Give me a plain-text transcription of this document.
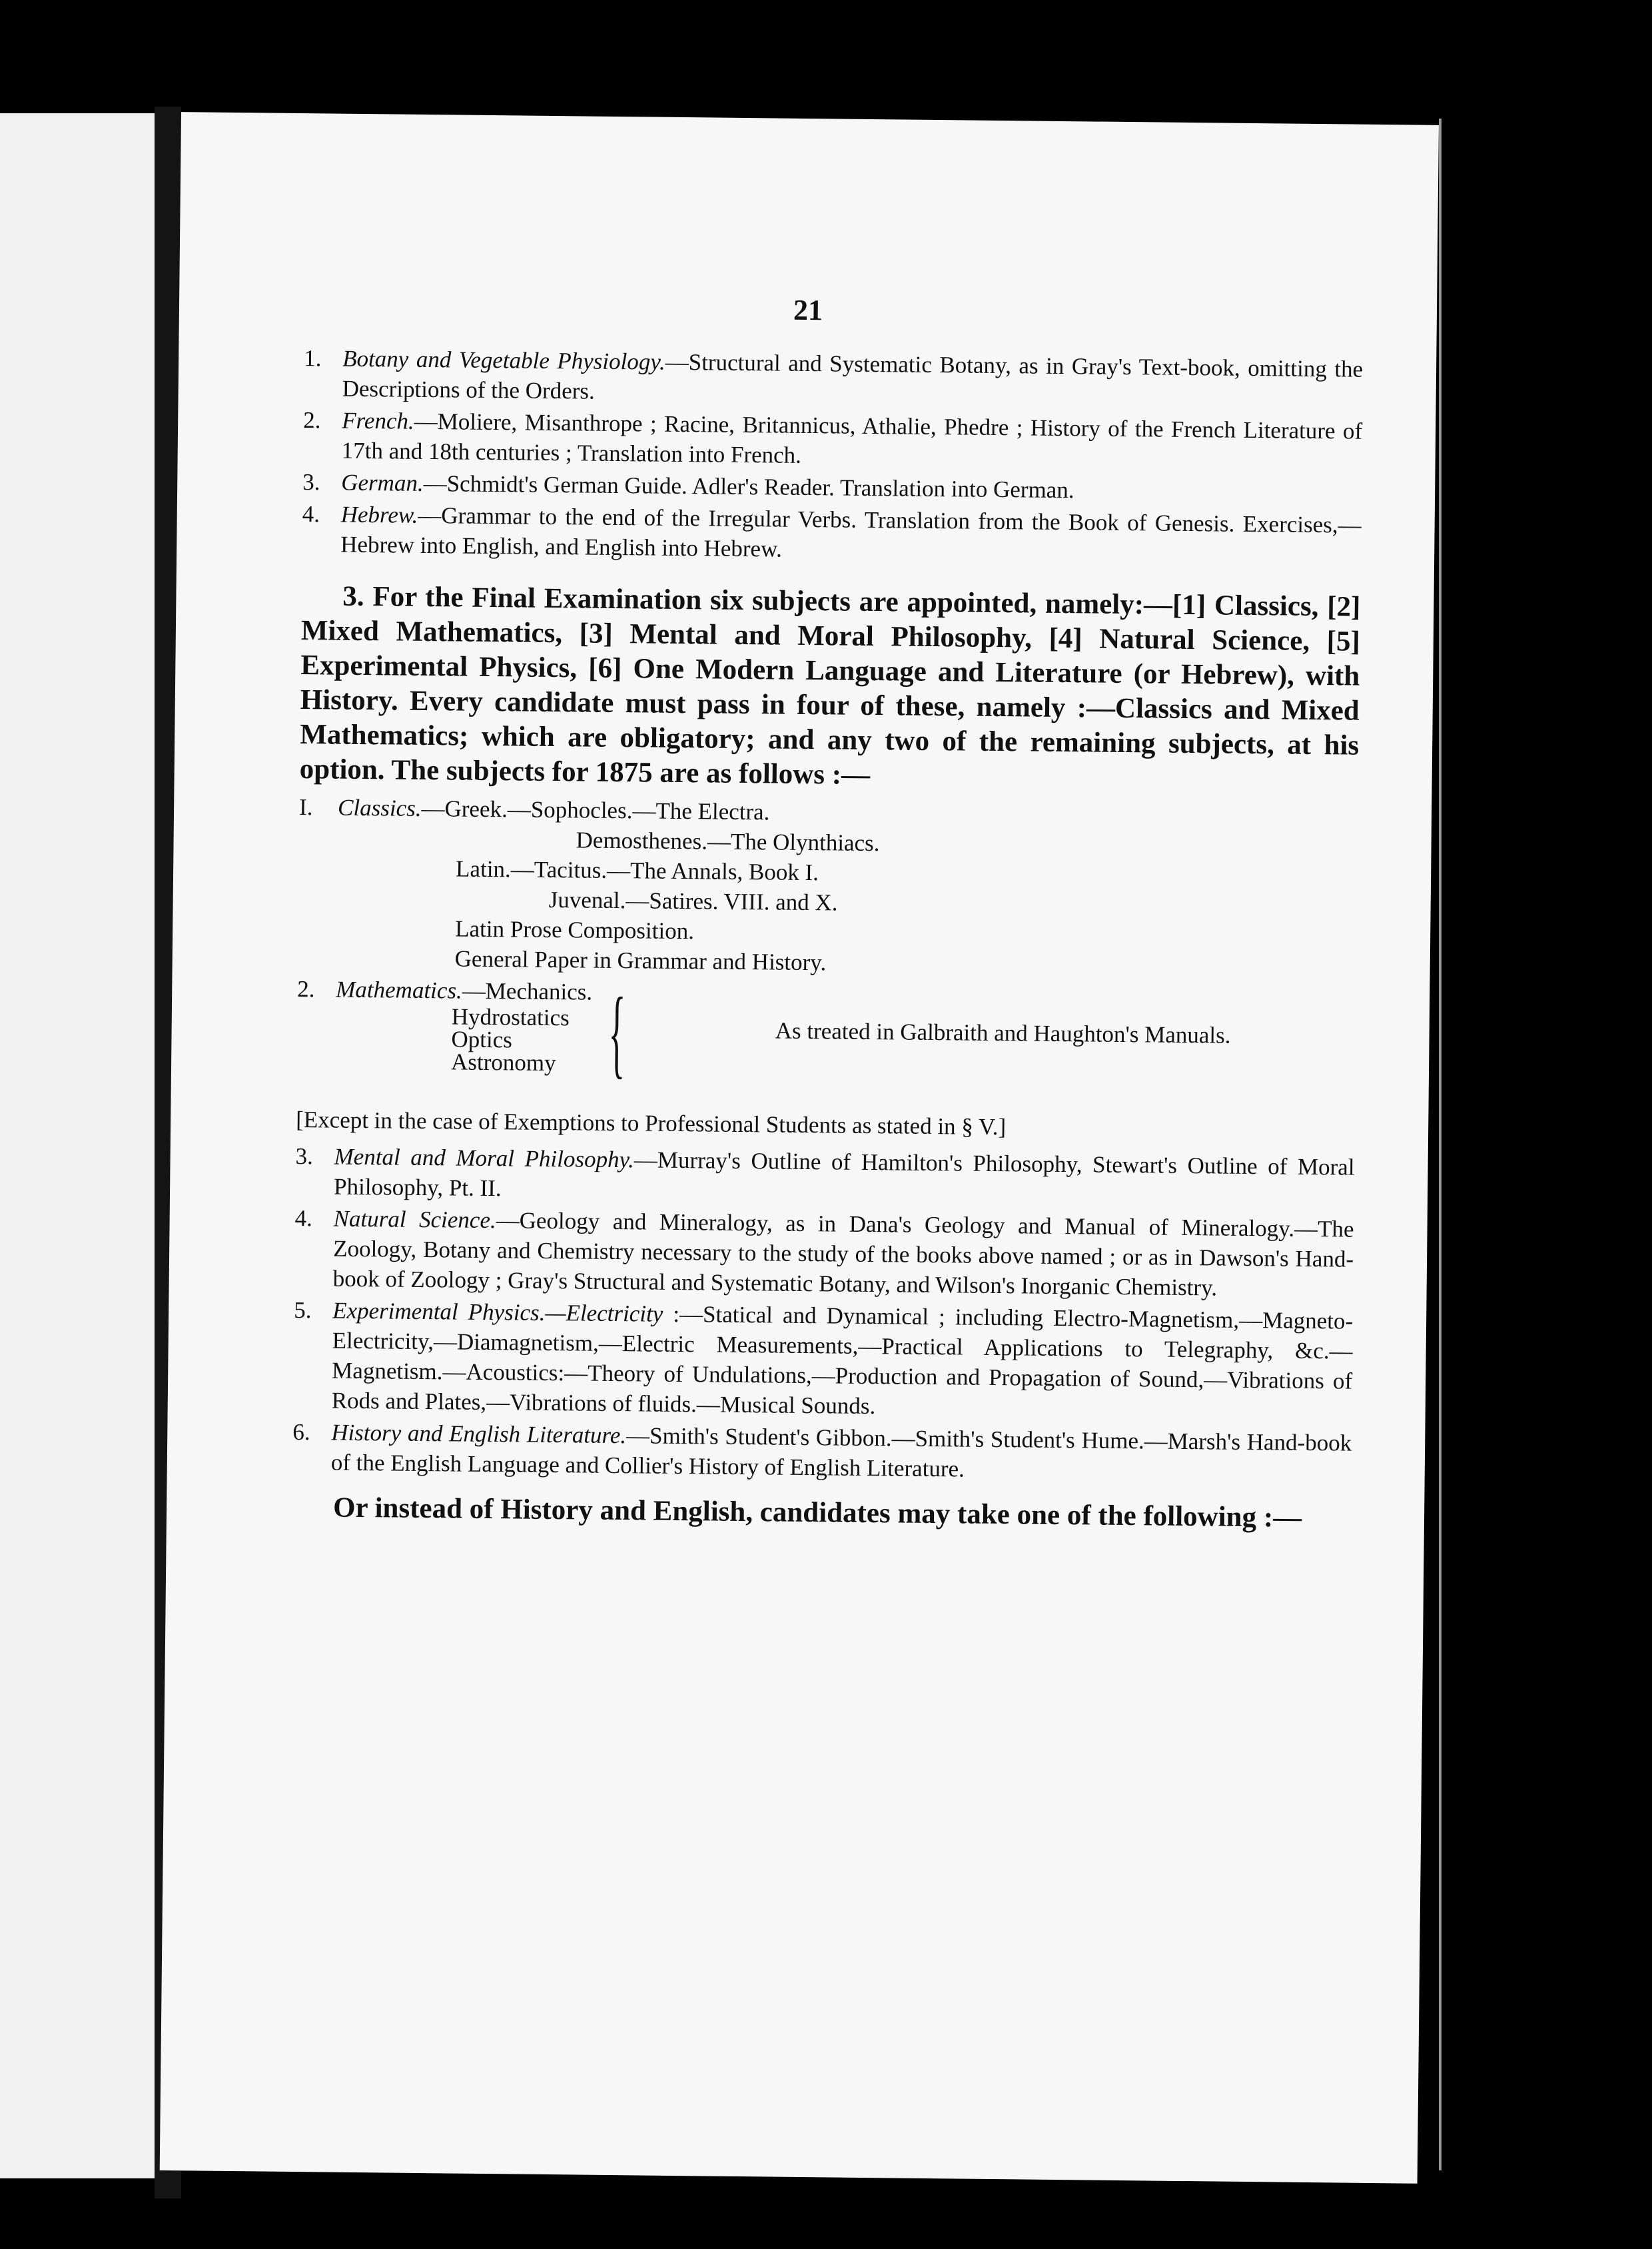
21
1. Botany and Vegetable Physiology.—Structural and Systematic Botany, as in Gray's Text-book, omitting the Descriptions of the Orders.
2. French.—Moliere, Misanthrope ; Racine, Britannicus, Athalie, Phedre ; History of the French Literature of 17th and 18th centuries ; Translation into French.
3. German.—Schmidt's German Guide. Adler's Reader. Translation into German.
4. Hebrew.—Grammar to the end of the Irregular Verbs. Translation from the Book of Genesis. Exercises,—Hebrew into English, and English into Hebrew.
3. For the Final Examination six subjects are appointed, namely:—[1] Classics, [2] Mixed Mathematics, [3] Mental and Moral Philosophy, [4] Natural Science, [5] Experimental Physics, [6] One Modern Language and Literature (or Hebrew), with History. Every candidate must pass in four of these, namely :—Classics and Mixed Mathematics; which are obligatory; and any two of the remaining subjects, at his option. The subjects for 1875 are as follows :—
I. Classics.—Greek.—Sophocles.—The Electra.
Demosthenes.—The Olynthiacs.
Latin.—Tacitus.—The Annals, Book I.
Juvenal.—Satires. VIII. and X.
Latin Prose Composition.
General Paper in Grammar and History.
2. Mathematics.—Mechanics.
Hydrostatics
Optics
Astronomy {	As treated in Galbraith and Haughton's Manuals.
[Except in the case of Exemptions to Professional Students as stated in § V.]
3. Mental and Moral Philosophy.—Murray's Outline of Hamilton's Philosophy, Stewart's Outline of Moral Philosophy, Pt. II.
4. Natural Science.—Geology and Mineralogy, as in Dana's Geology and Manual of Mineralogy.—The Zoology, Botany and Chemistry necessary to the study of the books above named ; or as in Dawson's Hand-book of Zoology ; Gray's Structural and Systematic Botany, and Wilson's Inorganic Chemistry.
5. Experimental Physics.—Electricity :—Statical and Dynamical ; including Electro-Magnetism,—Magneto-Electricity,—Diamagnetism,—Electric Measurements,—Practical Applications to Telegraphy, &c.—Magnetism.—Acoustics:—Theory of Undulations,—Production and Propagation of Sound,—Vibrations of Rods and Plates,—Vibrations of fluids.—Musical Sounds.
6. History and English Literature.—Smith's Student's Gibbon.—Smith's Student's Hume.—Marsh's Hand-book of the English Language and Collier's History of English Literature.
Or instead of History and English, candidates may take one of the following :—
